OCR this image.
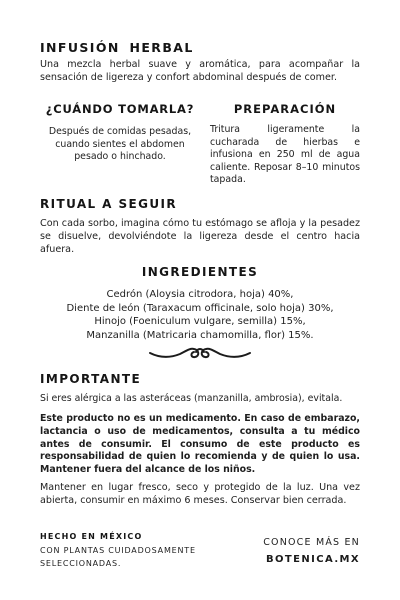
INFUSIÓN HERBAL

Una mezcla herbal suave y aromática, para acompañar la sensación de ligereza y confort abdominal después de comer.

¿CUÁNDO TOMARLA?

Después de comidas pesadas, cuando sientes el abdomen pesado o hinchado.

PREPARACIÓN

Tritura ligeramente la cucharada de hierbas e infusiona en 250 ml de agua caliente. Reposar 8–10 minutos tapada.

RITUAL A SEGUIR

Con cada sorbo, imagina cómo tu estómago se afloja y la pesadez se disuelve, devolviéndote la ligereza desde el centro hacia afuera.

INGREDIENTES
Cedrón (Aloysia citrodora, hoja) 40%,
Diente de león (Taraxacum officinale, solo hoja) 30%,
Hinojo (Foeniculum vulgare, semilla) 15%,
Manzanilla (Matricaria chamomilla, flor) 15%.
IMPORTANTE

Si eres alérgica a las asteráceas (manzanilla, ambrosia), evitala.

Este producto no es un medicamento. En caso de embarazo, lactancia o uso de medicamentos, consulta a tu médico antes de consumir. El consumo de este producto es responsabilidad de quien lo recomienda y de quien lo usa. Mantener fuera del alcance de los niños.

Mantener en lugar fresco, seco y protegido de la luz. Una vez abierta, consumir en máximo 6 meses. Conservar bien cerrada.

HECHO EN MÉXICO

CON PLANTAS CUIDADOSAMENTE SELECCIONADAS.

CONOCE MÁS EN

BOTENICA.MX
